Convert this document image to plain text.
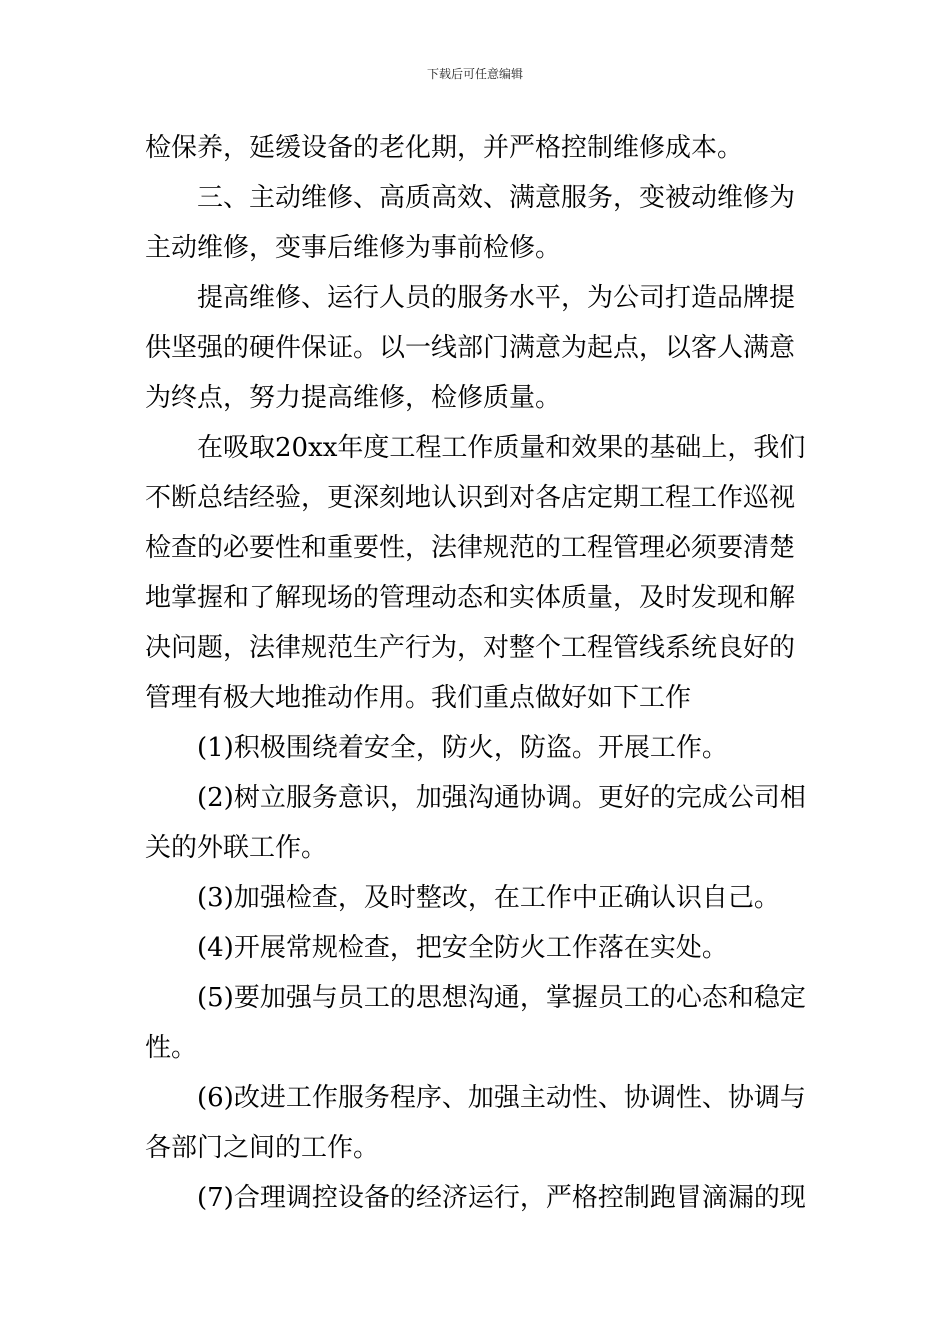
下载后可任意编辑
检保养，延缓设备的老化期，并严格控制维修成本。
三、主动维修、高质高效、满意服务，变被动维修为
主动维修，变事后维修为事前检修。
提高维修、运行人员的服务水平，为公司打造品牌提
供坚强的硬件保证。以一线部门满意为起点，以客人满意
为终点，努力提高维修，检修质量。
在吸取20xx年度工程工作质量和效果的基础上，我们
不断总结经验，更深刻地认识到对各店定期工程工作巡视
检查的必要性和重要性，法律规范的工程管理必须要清楚
地掌握和了解现场的管理动态和实体质量，及时发现和解
决问题，法律规范生产行为，对整个工程管线系统良好的
管理有极大地推动作用。我们重点做好如下工作
(1)积极围绕着安全，防火，防盗。开展工作。
(2)树立服务意识，加强沟通协调。更好的完成公司相
关的外联工作。
(3)加强检查，及时整改，在工作中正确认识自己。
(4)开展常规检查，把安全防火工作落在实处。
(5)要加强与员工的思想沟通，掌握员工的心态和稳定
性。
(6)改进工作服务程序、加强主动性、协调性、协调与
各部门之间的工作。
(7)合理调控设备的经济运行，严格控制跑冒滴漏的现
